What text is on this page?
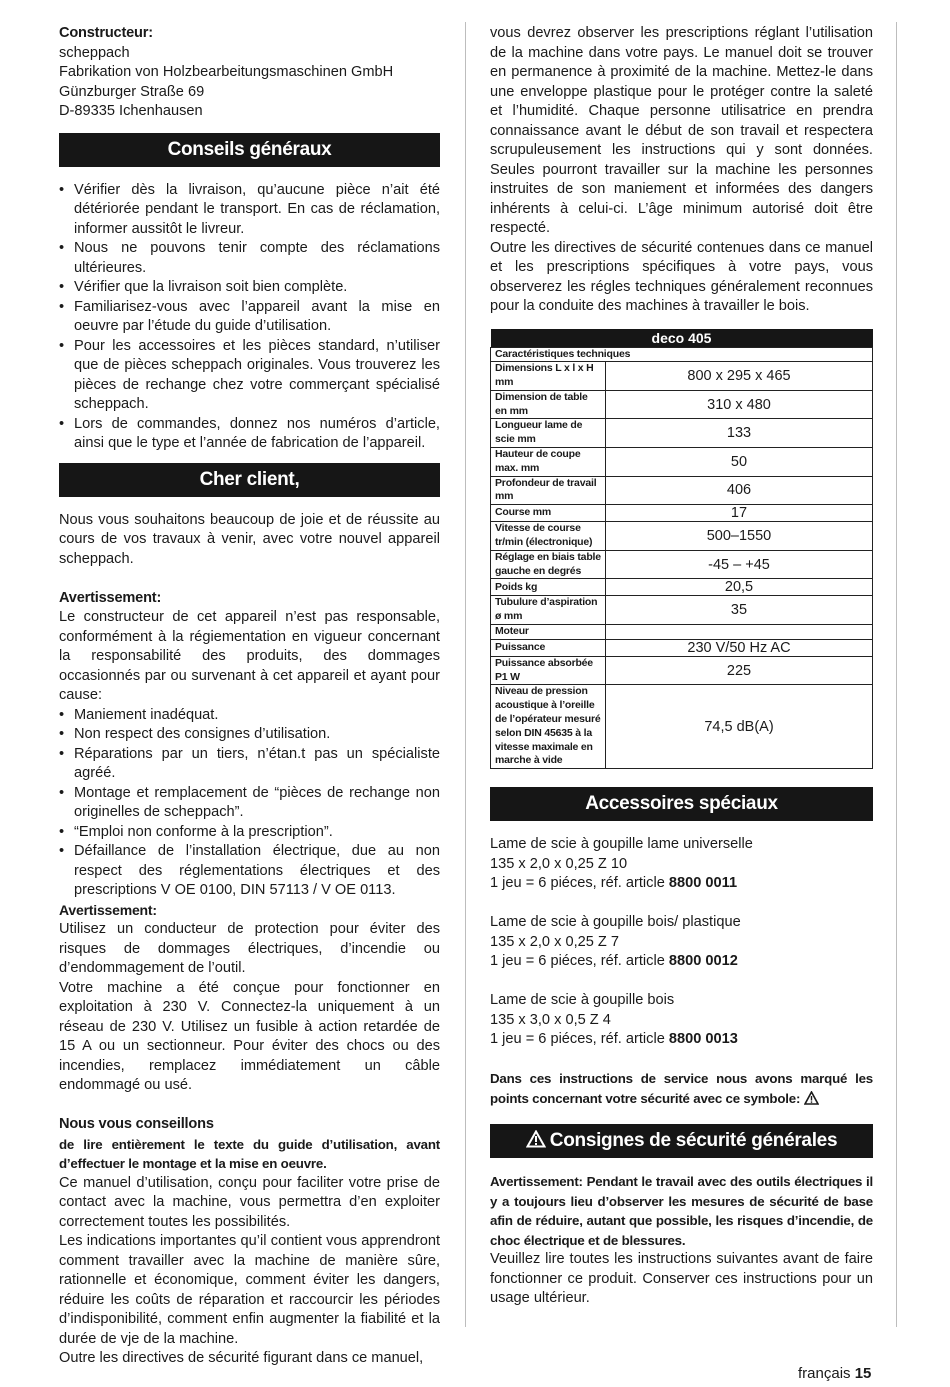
Constructeur:

scheppach

Fabrikation von Holzbearbeitungsmaschinen GmbH

Günzburger Straße 69

D-89335 Ichenhausen

Conseils généraux
• Vérifier dès la livraison, qu’aucune pièce n’ait été détériorée pendant le transport. En cas de réclamation, informer aussitôt le livreur.
• Nous ne pouvons tenir compte des réclamations ultérieures.
• Vérifier que la livraison soit bien complète.
• Familiarisez-vous avec l’appareil avant la mise en oeuvre par l’étude du guide d’utilisation.
• Pour les accessoires et les pièces standard, n’utiliser que de pièces scheppach originales. Vous trouverez les pièces de rechange chez votre commerçant spécialisé scheppach.
• Lors de commandes, donnez nos numéros d’article, ainsi que le type et l’année de fabrication de l’appareil.
Cher client,

Nous vous souhaitons beaucoup de joie et de réussite au cours de vos travaux à venir, avec votre nouvel appareil scheppach.

Avertissement:

Le constructeur de cet appareil n’est pas responsable, conformément à la régiementation en vigueur concernant la responsabilité des produits, des dommages occasionnés par ou survenant à cet appareil et ayant pour cause:

• Maniement inadéquat.
• Non respect des consignes d’utilisation.
• Réparations par un tiers, n’étan.t pas un spécialiste agréé.
• Montage et remplacement de “pièces de rechange non originelles de scheppach”.
• “Emploi non conforme à la prescription”.
• Défaillance de l’installation électrique, due au non respect des réglementations électriques et des prescriptions V OE 0100, DIN 57113 / V OE 0113.

Avertissement:

Utilisez un conducteur de protection pour éviter des risques de dommages électriques, d’incendie ou d’endommagement de l’outil.

Votre machine a été conçue pour fonctionner en exploitation à 230 V. Connectez-la uniquement à un réseau de 230 V. Utilisez un fusible à action retardée de 15 A ou un sectionneur. Pour éviter des chocs ou des incendies, remplacez immédiatement un câble endommagé ou usé.

Nous vous conseillons

de lire entièrement le texte du guide d’utilisation, avant d’effectuer le montage et la mise en oeuvre.

Ce manuel d’utilisation, conçu pour faciliter votre prise de contact avec la machine, vous permettra d’en exploiter correctement toutes les possibilités.

Les indications importantes qu’il contient vous apprendront comment travailler avec la machine de manière sûre, rationnelle et économique, comment éviter les dangers, réduire les coûts de réparation et raccourcir les périodes d’indisponibilité, comment enfin augmenter la fiabilité et la durée de vje de la machine.

Outre les directives de sécurité figurant dans ce manuel,

vous devrez observer les prescriptions réglant l’utilisation de la machine dans votre pays. Le manuel doit se trouver en permanence à proximité de la machine. Mettez-le dans une enveloppe plastique pour le protéger contre la saleté et l’humidité. Chaque personne utilisatrice en prendra connaissance avant le début de son travail et respectera scrupuleusement les instructions qui y sont données. Seules pourront travailler sur la machine les personnes instruites de son maniement et informées des dangers inhérents à celui-ci. L’âge minimum autorisé doit être respecté.

Outre les directives de sécurité contenues dans ce manuel et les prescriptions spécifiques à votre pays, vous observerez les régles techniques généralement reconnues pour la conduite des machines à travailler le bois.

deco 405	
Caractéristiques techniques	
Dimensions L x l x H mm	800 x 295 x 465
Dimension de table en mm	310 x 480
Longueur lame de scie mm	133
Hauteur de coupe max. mm	50
Profondeur de travail mm	406
Course mm	17
Vitesse de course tr/min (électronique)	500–1550
Réglage en biais table gauche en degrés	-45 – +45
Poids kg	20,5
Tubulure d’aspiration ø mm	35
Moteur	
Puissance	230 V/50 Hz AC
Puissance absorbée P1 W	225
Niveau de pression acoustique à l’oreille de l’opérateur mesuré selon DIN 45635 à la vitesse maximale en marche à vide	74,5 dB(A)
Accessoires spéciaux

Lame de scie à goupille lame universelle

135 x 2,0 x 0,25 Z 10

1 jeu = 6 piéces, réf. article 8800 0011

Lame de scie à goupille bois/ plastique

135 x 2,0 x 0,25 Z 7

1 jeu = 6 piéces, réf. article 8800 0012

Lame de scie à goupille bois

135 x 3,0 x 0,5 Z 4

1 jeu = 6 piéces, réf. article 8800 0013

Dans ces instructions de service nous avons marqué les points concernant votre sécurité avec ce symbole:

Consignes de sécurité générales

Avertissement: Pendant le travail avec des outils électriques il y a toujours lieu d’observer les mesures de sécurité de base afin de réduire, autant que possible, les risques d’incendie, de choc électrique et de blessures.

Veuillez lire toutes les instructions suivantes avant de faire fonctionner ce produit. Conserver ces instructions pour un usage ultérieur.

français 15
